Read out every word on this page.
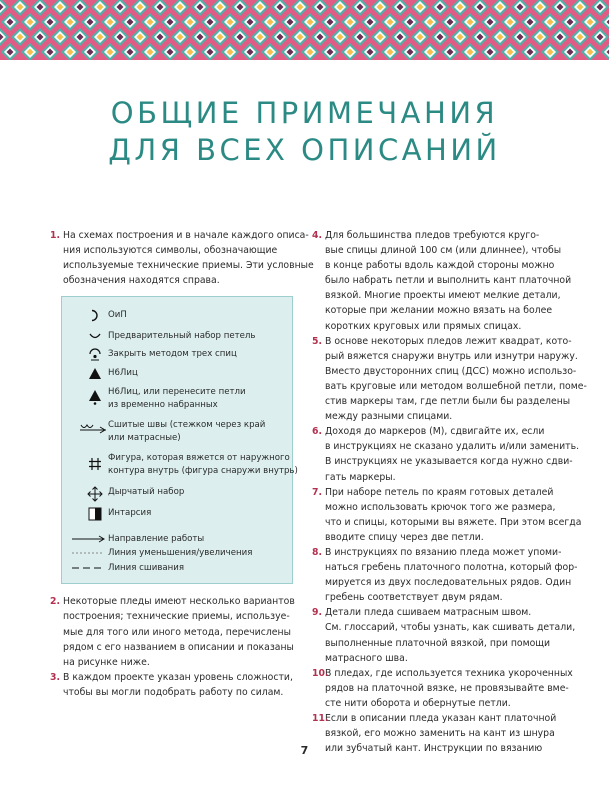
ОБЩИЕ ПРИМЕЧАНИЯ
ДЛЯ ВСЕХ ОПИСАНИЙ
1. На схемах построения и в начале каждого описа-
ния используются символы, обозначающие
используемые технические приемы. Эти условные
обозначения находятся справа.
ОиП
Предварительный набор петель
Закрыть методом трех спиц
Н6Лиц
Н6Лиц, или перенесите петли
из временно набранных
Сшитые швы (стежком через край
или матрасные)
Фигура, которая вяжется от наружного
контура внутрь (фигура снаружи внутрь)
Дырчатый набор
Интарсия
Направление работы
Линия уменьшения/увеличения
Линия сшивания
2. Некоторые пледы имеют несколько вариантов
построения; технические приемы, используе-
мые для того или иного метода, перечислены
рядом с его названием в описании и показаны
на рисунке ниже.
3. В каждом проекте указан уровень сложности,
чтобы вы могли подобрать работу по силам.
4. Для большинства пледов требуются круго-
вые спицы длиной 100 см (или длиннее), чтобы
в конце работы вдоль каждой стороны можно
было набрать петли и выполнить кант платочной
вязкой. Многие проекты имеют мелкие детали,
которые при желании можно вязать на более
коротких круговых или прямых спицах.
5. В основе некоторых пледов лежит квадрат, кото-
рый вяжется снаружи внутрь или изнутри наружу.
Вместо двусторонних спиц (ДСС) можно использо-
вать круговые или методом волшебной петли, поме-
стив маркеры там, где петли были бы разделены
между разными спицами.
6. Доходя до маркеров (М), сдвигайте их, если
в инструкциях не сказано удалить и/или заменить.
В инструкциях не указывается когда нужно сдви-
гать маркеры.
7. При наборе петель по краям готовых деталей
можно использовать крючок того же размера,
что и спицы, которыми вы вяжете. При этом всегда
вводите спицу через две петли.
8. В инструкциях по вязанию пледа может упоми-
наться гребень платочного полотна, который фор-
мируется из двух последовательных рядов. Один
гребень соответствует двум рядам.
9. Детали пледа сшиваем матрасным швом.
См. глоссарий, чтобы узнать, как сшивать детали,
выполненные платочной вязкой, при помощи
матрасного шва.
10.
В пледах, где используется техника укороченных
рядов на платочной вязке, не провязывайте вме-
сте нити оборота и обернутые петли.
11.
Если в описании пледа указан кант платочной
вязкой, его можно заменить на кант из шнура
или зубчатый кант. Инструкции по вязанию
7
